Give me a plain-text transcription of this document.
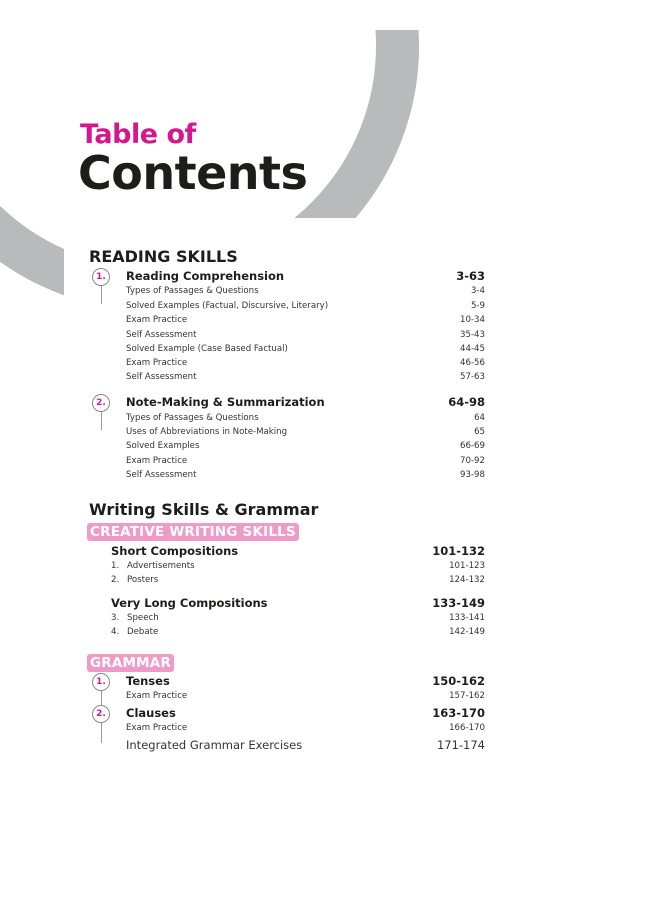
Table of
Contents
READING SKILLS
1.	Reading Comprehension	3-63
Types of Passages & Questions	3-4
Solved Examples (Factual, Discursive, Literary)	5-9
Exam Practice	10-34
Self Assessment	35-43
Solved Example (Case Based Factual)	44-45
Exam Practice	46-56
Self Assessment	57-63
2.	Note-Making & Summarization	64-98
Types of Passages & Questions	64
Uses of Abbreviations in Note-Making	65
Solved Examples	66-69
Exam Practice	70-92
Self Assessment	93-98
Writing Skills & Grammar
CREATIVE WRITING SKILLS
Short Compositions	101-132
1. Advertisements	101-123
2. Posters	124-132
Very Long Compositions	133-149
3. Speech	133-141
4. Debate	142-149
GRAMMAR
1.	Tenses	150-162
Exam Practice	157-162
2.	Clauses	163-170
Exam Practice	166-170
Integrated Grammar Exercises	171-174
